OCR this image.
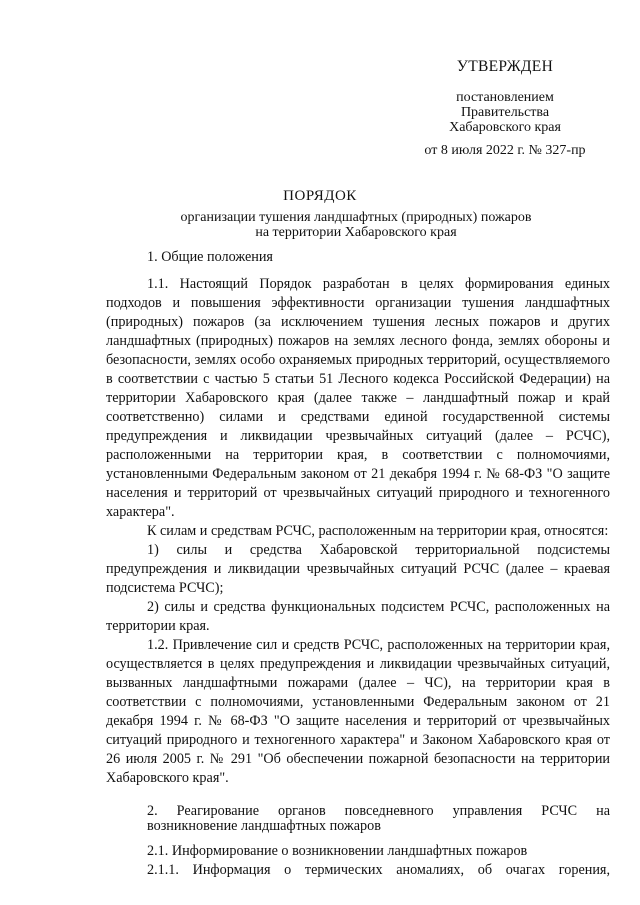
УТВЕРЖДЕН
постановлением
Правительства
Хабаровского края
от 8 июля 2022 г. № 327-пр
ПОРЯДОК
организации тушения ландшафтных (природных) пожаров
на территории Хабаровского края

1. Общие положения

1.1. Настоящий Порядок разработан в целях формирования единых подходов и повышения эффективности организации тушения ландшафтных (природных) пожаров (за исключением тушения лесных пожаров и других ландшафтных (природных) пожаров на землях лесного фонда, землях обороны и безопасности, землях особо охраняемых природных территорий, осуществляемого в соответствии с частью 5 статьи 51 Лесного кодекса Российской Федерации) на территории Хабаровского края (далее также – ландшафтный пожар и край соответственно) силами и средствами единой государственной системы предупреждения и ликвидации чрезвычайных ситуаций (далее – РСЧС), расположенными на территории края, в соответствии с полномочиями, установленными Федеральным законом от 21 декабря 1994 г. № 68-ФЗ "О защите населения и территорий от чрезвычайных ситуаций природного и техногенного характера".

К силам и средствам РСЧС, расположенным на территории края, относятся:

1) силы и средства Хабаровской территориальной подсистемы предупреждения и ликвидации чрезвычайных ситуаций РСЧС (далее – краевая подсистема РСЧС);

2) силы и средства функциональных подсистем РСЧС, расположенных на территории края.

1.2. Привлечение сил и средств РСЧС, расположенных на территории края, осуществляется в целях предупреждения и ликвидации чрезвычайных ситуаций, вызванных ландшафтными пожарами (далее – ЧС), на территории края в соответствии с полномочиями, установленными Федеральным законом от 21 декабря 1994 г. № 68-ФЗ "О защите населения и территорий от чрезвычайных ситуаций природного и техногенного характера" и Законом Хабаровского края от 26 июля 2005 г. № 291 "Об обеспечении пожарной безопасности на территории Хабаровского края".

2. Реагирование органов повседневного управления РСЧС на

возникновение ландшафтных пожаров

2.1. Информирование о возникновении ландшафтных пожаров

2.1.1. Информация о термических аномалиях, об очагах горения,
